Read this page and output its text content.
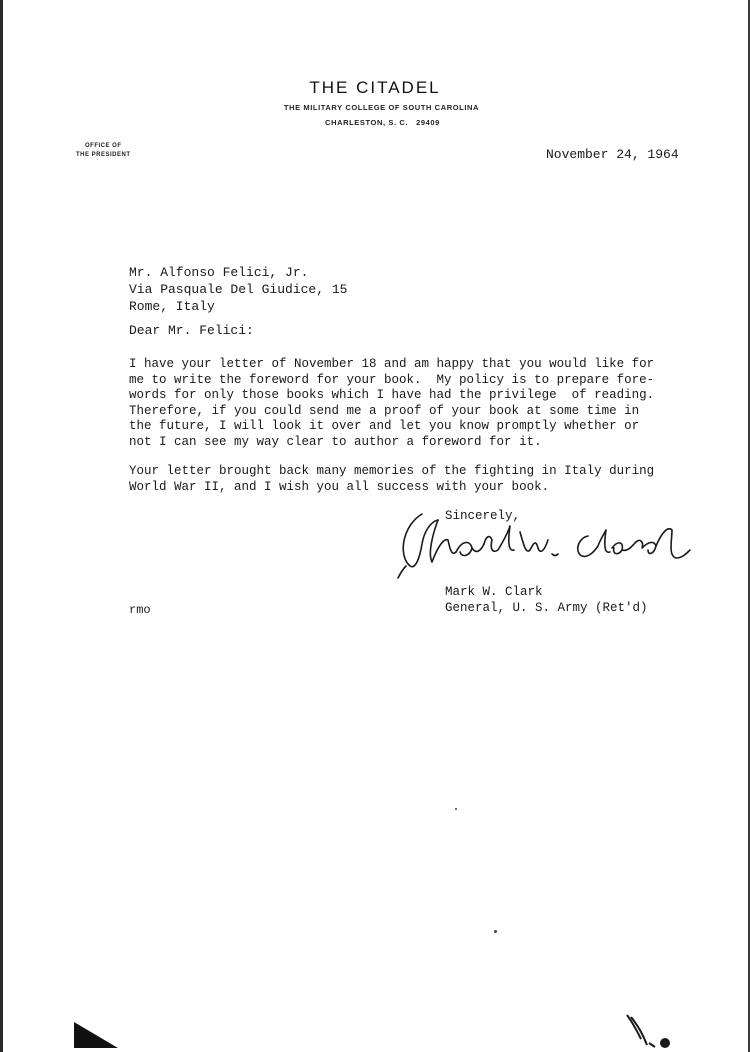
THE CITADEL
THE MILITARY COLLEGE OF SOUTH CAROLINA
CHARLESTON, S. C.   29409
OFFICE OF
THE PRESIDENT	November 24, 1964
Mr. Alfonso Felici, Jr.
Via Pasquale Del Giudice, 15
Rome, Italy
Dear Mr. Felici:
I have your letter of November 18 and am happy that you would like for
me to write the foreword for your book.  My policy is to prepare fore-
words for only those books which I have had the privilege  of reading.
Therefore, if you could send me a proof of your book at some time in
the future, I will look it over and let you know promptly whether or
not I can see my way clear to author a foreword for it.
Your letter brought back many memories of the fighting in Italy during
World War II, and I wish you all success with your book.
Sincerely,
Mark W. Clark
General, U. S. Army (Ret'd)
rmo
